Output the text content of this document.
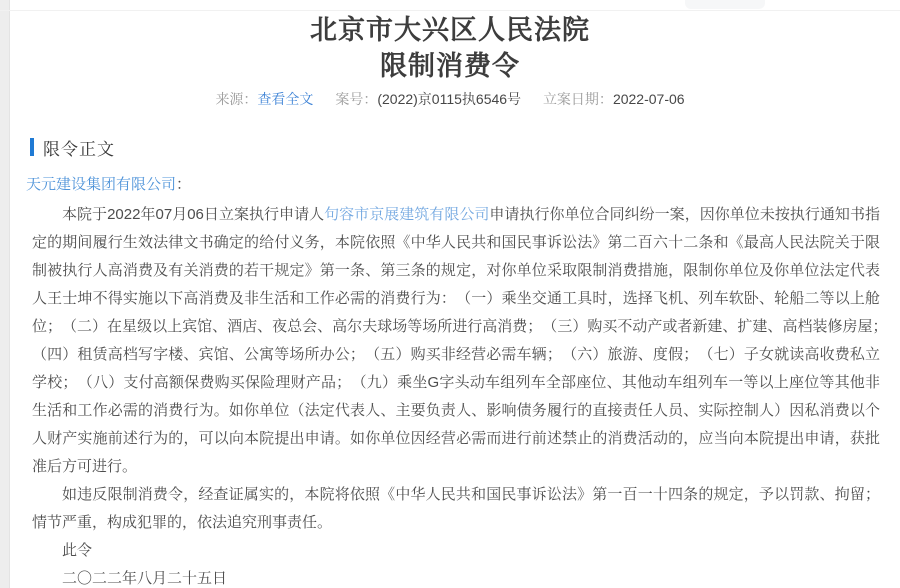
北京市大兴区人民法院
限制消费令
来源：查看全文 案号：(2022)京0115执6546号 立案日期：2022-07-06
限令正文
天元建设集团有限公司：

本院于2022年07月06日立案执行申请人句容市京展建筑有限公司申请执行你单位合同纠纷一案，因你单位未按执行通知书指定的期间履行生效法律文书确定的给付义务，本院依照《中华人民共和国民事诉讼法》第二百六十二条和《最高人民法院关于限制被执行人高消费及有关消费的若干规定》第一条、第三条的规定，对你单位采取限制消费措施，限制你单位及你单位法定代表人王士坤不得实施以下高消费及非生活和工作必需的消费行为：　（一）乘坐交通工具时，选择飞机、列车软卧、轮船二等以上舱位；　（二）在星级以上宾馆、酒店、夜总会、高尔夫球场等场所进行高消费；　（三）购买不动产或者新建、扩建、高档装修房屋；　（四）租赁高档写字楼、宾馆、公寓等场所办公；　（五）购买非经营必需车辆；　（六）旅游、度假；　（七）子女就读高收费私立学校；　（八）支付高额保费购买保险理财产品；　（九）乘坐G字头动车组列车全部座位、其他动车组列车一等以上座位等其他非生活和工作必需的消费行为。如你单位（法定代表人、主要负责人、影响债务履行的直接责任人员、实际控制人）因私消费以个人财产实施前述行为的，可以向本院提出申请。如你单位因经营必需而进行前述禁止的消费活动的，应当向本院提出申请，获批准后方可进行。

如违反限制消费令，经查证属实的，本院将依照《中华人民共和国民事诉讼法》第一百一十四条的规定，予以罚款、拘留；情节严重，构成犯罪的，依法追究刑事责任。

此令

二〇二二年八月二十五日
